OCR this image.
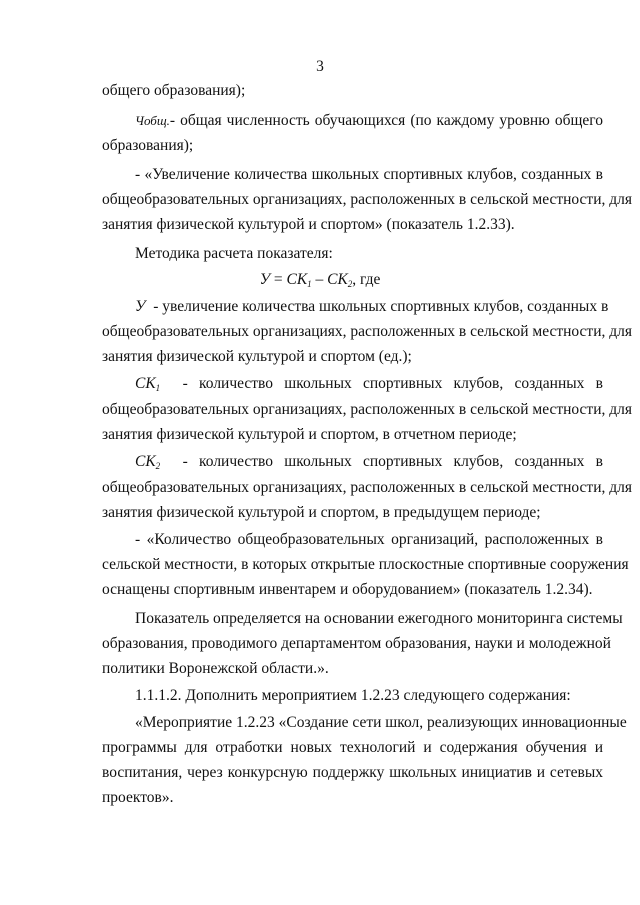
3
общего образования);
Чобщ.- общая численность обучающихся (по каждому уровню общего
образования);
- «Увеличение количества школьных спортивных клубов, созданных в
общеобразовательных организациях, расположенных в сельской местности, для
занятия физической культурой и спортом» (показатель 1.2.33).
Методика расчета показателя:
$У = СК_1 - СК_2$, где
У - увеличение количества школьных спортивных клубов, созданных в
общеобразовательных организациях, расположенных в сельской местности, для
занятия физической культурой и спортом (ед.);
$СК_1$ - количество школьных спортивных клубов, созданных в
общеобразовательных организациях, расположенных в сельской местности, для
занятия физической культурой и спортом, в отчетном периоде;
$СК_2$ - количество школьных спортивных клубов, созданных в
общеобразовательных организациях, расположенных в сельской местности, для
занятия физической культурой и спортом, в предыдущем периоде;
- «Количество общеобразовательных организаций, расположенных в
сельской местности, в которых открытые плоскостные спортивные сооружения
оснащены спортивным инвентарем и оборудованием» (показатель 1.2.34).
Показатель определяется на основании ежегодного мониторинга системы
образования, проводимого департаментом образования, науки и молодежной
политики Воронежской области.».
1.1.1.2. Дополнить мероприятием 1.2.23 следующего содержания:
«Мероприятие 1.2.23 «Создание сети школ, реализующих инновационные
программы для отработки новых технологий и содержания обучения и
воспитания, через конкурсную поддержку школьных инициатив и сетевых
проектов».
